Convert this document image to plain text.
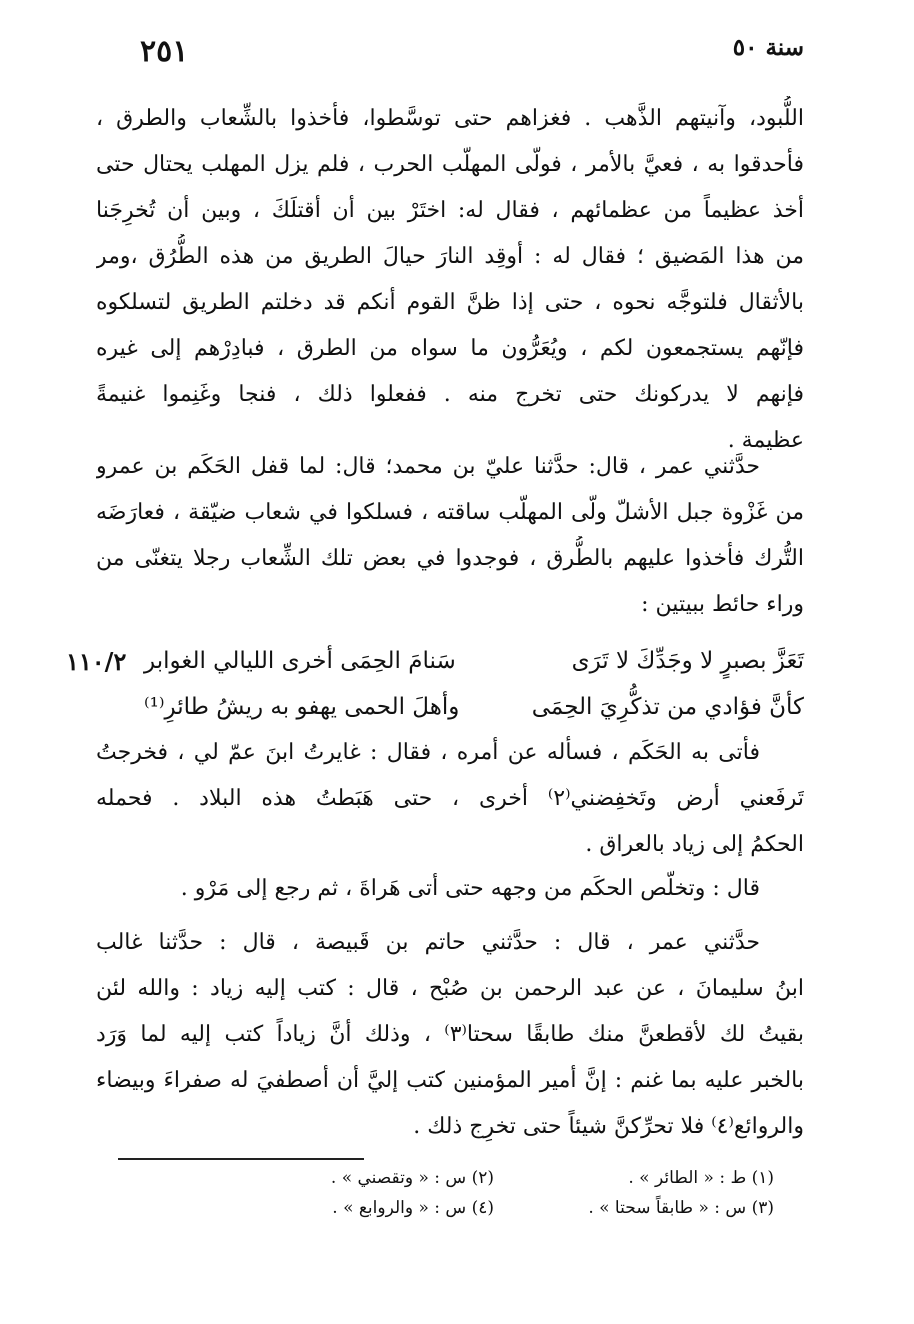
سنة ٥٠
٢٥١
اللُّبود، وآنيتهم الذَّهب . فغزاهم حتى توسَّطوا، فأخذوا بالشِّعاب والطرق ،
فأحدقوا به ، فعيَّ بالأمر ، فولّى المهلّب الحرب ، فلم يزل المهلب يحتال حتى
أخذ عظيماً من عظمائهم ، فقال له: اختَرْ بين أن أقتلَكَ ، وبين أن تُخرِجَنا
من هذا المَضيق ؛ فقال له : أوقِد النارَ حيالَ الطريق من هذه الطُّرُق ،ومر
بالأثقال فلتوجَّه نحوه ، حتى إذا ظنَّ القوم أنكم قد دخلتم الطريق لتسلكوه
فإنّهم يستجمعون لكم ، ويُعَرُّون ما سواه من الطرق ، فبادِرْهم إلى غيره
فإنهم لا يدركونك حتى تخرج منه . ففعلوا ذلك ، فنجا وغَنِموا غنيمةً
عظيمة .
حدَّثني عمر ، قال: حدَّثنا عليّ بن محمد؛ قال: لما قفل الحَكَم بن عمرو
من غَزْوة جبل الأشلّ ولّى المهلّب ساقته ، فسلكوا في شعاب ضيّقة ، فعارَضَه
التُّرك فأخذوا عليهم بالطُّرق ، فوجدوا في بعض تلك الشِّعاب رجلا يتغنّى من
وراء حائط ببيتين :
١١٠/٢	تَعَزَّ بصبرٍ لا وجَدِّكَ لا تَرَى
سَنامَ الحِمَى أخرى الليالي الغوابر
كأنَّ فؤادي من تذكُّرِيَ الحِمَى
وأهلَ الحمى يهفو به ريشُ طائرِ⁽¹⁾
فأتى به الحَكَم ، فسأله عن أمره ، فقال : غايرتُ ابنَ عمّ لي ، فخرجتُ
تَرفَعني أرض وتَخفِضني⁽٢⁾ أخرى ، حتى هَبَطتُ هذه البلاد . فحمله
الحكمُ إلى زياد بالعراق .
قال : وتخلّص الحكَم من وجهه حتى أتى هَراةَ ، ثم رجع إلى مَرْو .
حدَّثني عمر ، قال : حدَّثني حاتم بن قَبيصة ، قال : حدَّثنا غالب
ابنُ سليمانَ ، عن عبد الرحمن بن صُبْح ، قال : كتب إليه زياد : والله لئن
بقيتُ لك لأقطعنَّ منك طابقًا سحتا⁽٣⁾ ، وذلك أنَّ زياداً كتب إليه لما وَرَد
بالخبر عليه بما غنم : إنَّ أمير المؤمنين كتب إليَّ أن أصطفيَ له صفراءَ وبيضاء
والروائع⁽٤⁾ فلا تحرِّكنَّ شيئاً حتى تخرِج ذلك .
(١) ط : « الطائر » .
(٢) س : « وتقصني » .
(٣) س : « طابقاً سحتا » .
(٤) س : « والروابع » .
